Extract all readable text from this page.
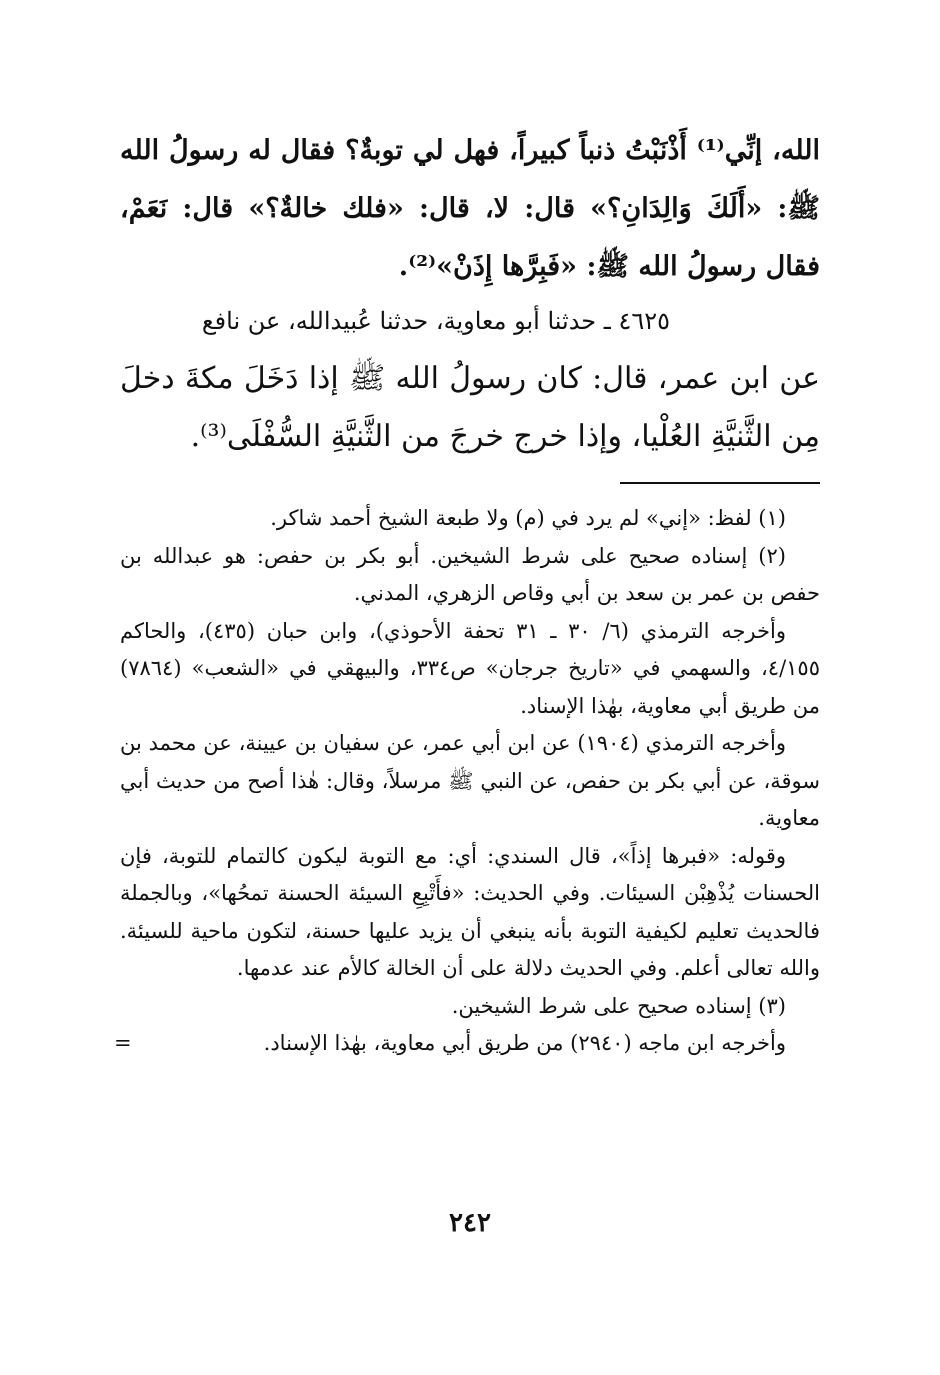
الله، إنِّي⁽¹⁾ أَذْنَبْتُ ذنباً كبيراً، فهل لي توبةٌ؟ فقال له رسولُ الله ﷺ: «أَلَكَ وَالِدَانِ؟» قال: لا، قال: «فلك خالةٌ؟» قال: نَعَمْ، فقال رسولُ الله ﷺ: «فَبِرَّها إِذَنْ»⁽²⁾.

٤٦٢٥ ـ حدثنا أبو معاوية، حدثنا عُبيدالله، عن نافع
عن ابن عمر، قال: كان رسولُ الله ﷺ إذا دَخَلَ مكةَ دخلَ مِن الثَّنيَّةِ العُلْيا، وإذا خرج خرجَ من الثَّنيَّةِ السُّفْلَى⁽³⁾.

(١) لفظ: «إني» لم يرد في (م) ولا طبعة الشيخ أحمد شاكر.

(٢) إسناده صحيح على شرط الشيخين. أبو بكر بن حفص: هو عبدالله بن حفص بن عمر بن سعد بن أبي وقاص الزهري، المدني.

وأخرجه الترمذي (٦/ ٣٠ ـ ٣١ تحفة الأحوذي)، وابن حبان (٤٣٥)، والحاكم ٤/١٥٥، والسهمي في «تاريخ جرجان» ص٣٣٤، والبيهقي في «الشعب» (٧٨٦٤) من طريق أبي معاوية، بهٰذا الإسناد.

وأخرجه الترمذي (١٩٠٤) عن ابن أبي عمر، عن سفيان بن عيينة، عن محمد بن سوقة، عن أبي بكر بن حفص، عن النبي ﷺ مرسلاً، وقال: هٰذا أصح من حديث أبي معاوية.

وقوله: «فبرها إذاً»، قال السندي: أي: مع التوبة ليكون كالتمام للتوبة، فإن الحسنات يُذْهِبْن السيئات. وفي الحديث: «فأَتْبِعِ السيئة الحسنة تمحُها»، وبالجملة فالحديث تعليم لكيفية التوبة بأنه ينبغي أن يزيد عليها حسنة، لتكون ماحية للسيئة. والله تعالى أعلم. وفي الحديث دلالة على أن الخالة كالأم عند عدمها.

(٣) إسناده صحيح على شرط الشيخين.

وأخرجه ابن ماجه (٢٩٤٠) من طريق أبي معاوية، بهٰذا الإسناد.

=
٢٤٢
